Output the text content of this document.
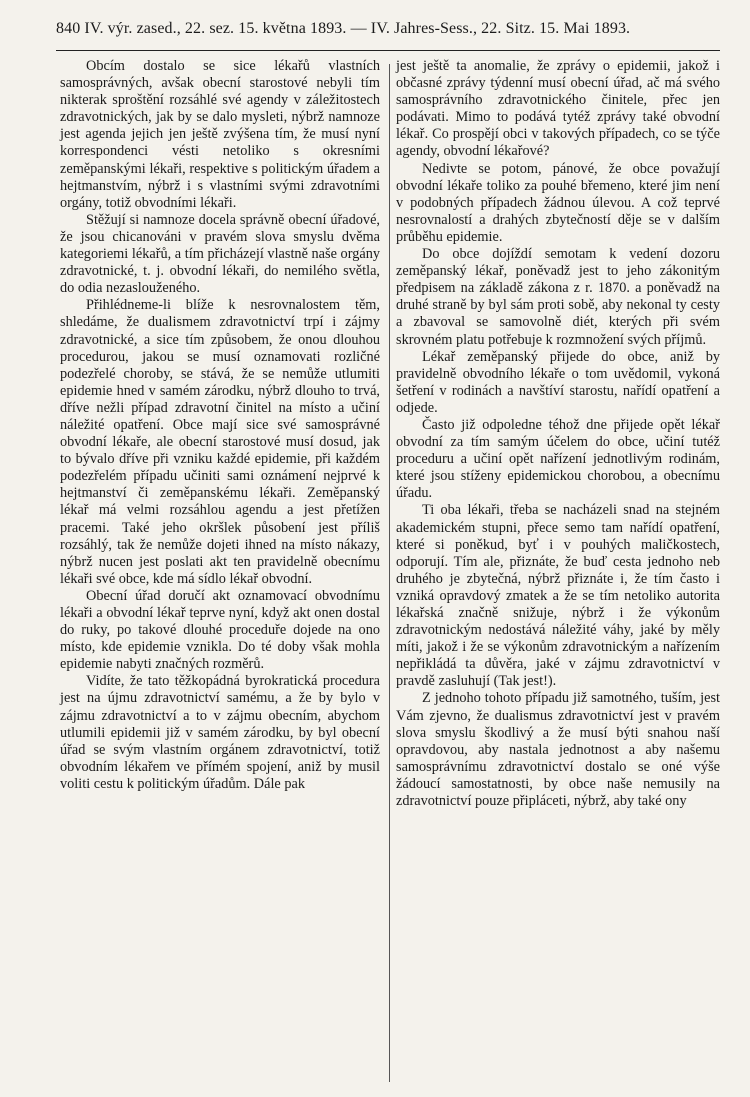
840 IV. výr. zased., 22. sez. 15. května 1893. — IV. Jahres-Sess., 22. Sitz. 15. Mai 1893.

Obcím dostalo se sice lékařů vlastních samosprávných, avšak obecní starostové nebyli tím nikterak sproštění rozsáhlé své agendy v záležitostech zdravotnických, jak by se dalo mysleti, nýbrž namnoze jest agenda jejich jen ještě zvýšena tím, že musí nyní korrespondenci vésti netoliko s okresními zeměpanskými lékaři, respektive s politickým úřadem a hejtmanstvím, nýbrž i s vlastními svými zdravotními orgány, totiž obvodními lékaři.

Stěžují si namnoze docela správně obecní úřadové, že jsou chicanováni v pravém slova smyslu dvěma kategoriemi lékařů, a tím přicházejí vlastně naše orgány zdravotnické, t. j. obvodní lékaři, do nemilého světla, do odia nezaslouženého.

Přihlédneme-li blíže k nesrovnalostem těm, shledáme, že dualismem zdravotnictví trpí i zájmy zdravotnické, a sice tím způsobem, že onou dlouhou procedurou, jakou se musí oznamovati rozličné podezřelé choroby, se stává, že se nemůže utlumiti epidemie hned v samém zárodku, nýbrž dlouho to trvá, dříve nežli případ zdravotní činitel na místo a učiní náležité opatření. Obce mají sice své samosprávné obvodní lékaře, ale obecní starostové musí dosud, jak to bývalo dříve při vzniku každé epidemie, při každém podezřelém případu učiniti sami oznámení nejprvé k hejtmanství či zeměpanskému lékaři. Zeměpanský lékař má velmi rozsáhlou agendu a jest přetížen pracemi. Také jeho okršlek působení jest příliš rozsáhlý, tak že nemůže dojeti ihned na místo nákazy, nýbrž nucen jest poslati akt ten pravidelně obecnímu lékaři své obce, kde má sídlo lékař obvodní.

Obecní úřad doručí akt oznamovací obvodnímu lékaři a obvodní lékař teprve nyní, když akt onen dostal do ruky, po takové dlouhé proceduře dojede na ono místo, kde epidemie vznikla. Do té doby však mohla epidemie nabyti značných rozměrů.

Vidíte, že tato těžkopádná byrokratická procedura jest na újmu zdravotnictví samému, a že by bylo v zájmu zdravotnictví a to v zájmu obecním, abychom utlumili epidemii již v samém zárodku, by byl obecní úřad se svým vlastním orgánem zdravotnictví, totiž obvodním lékařem ve přímém spojení, aniž by musil voliti cestu k politickým úřadům. Dále pak

jest ještě ta anomalie, že zprávy o epidemii, jakož i občasné zprávy týdenní musí obecní úřad, ač má svého samosprávního zdravotnického činitele, přec jen podávati. Mimo to podává tytéž zprávy také obvodní lékař. Co prospějí obci v takových případech, co se týče agendy, obvodní lékařové?

Nedivte se potom, pánové, že obce považují obvodní lékaře toliko za pouhé břemeno, které jim není v podobných případech žádnou úlevou. A což teprvé nesrovnalostí a drahých zbytečností děje se v dalším průběhu epidemie.

Do obce dojíždí semotam k vedení dozoru zeměpanský lékař, poněvadž jest to jeho zákonitým předpisem na základě zákona z r. 1870. a poněvadž na druhé straně by byl sám proti sobě, aby nekonal ty cesty a zbavoval se samovolně diét, kterých při svém skrovném platu potřebuje k rozmnožení svých příjmů.

Lékař zeměpanský přijede do obce, aniž by pravidelně obvodního lékaře o tom uvědomil, vykoná šetření v rodinách a navštíví starostu, nařídí opatření a odjede.

Často již odpoledne téhož dne přijede opět lékař obvodní za tím samým účelem do obce, učiní tutéž proceduru a učiní opět nařízení jednotlivým rodinám, které jsou stíženy epidemickou chorobou, a obecnímu úřadu.

Ti oba lékaři, třeba se nacházeli snad na stejném akademickém stupni, přece semo tam nařídí opatření, které si poněkud, byť i v pouhých maličkostech, odporují. Tím ale, přiznáte, že buď cesta jednoho neb druhého je zbytečná, nýbrž přiznáte i, že tím často i vzniká opravdový zmatek a že se tím netoliko autorita lékařská značně snižuje, nýbrž i že výkonům zdravotnickým nedostává náležité váhy, jaké by měly míti, jakož i že se výkonům zdravotnickým a nařízením nepřikládá ta důvěra, jaké v zájmu zdravotnictví v pravdě zasluhují (Tak jest!).

Z jednoho tohoto případu již samotného, tuším, jest Vám zjevno, že dualismus zdravotnictví jest v pravém slova smyslu škodlivý a že musí býti snahou naší opravdovou, aby nastala jednotnost a aby našemu samosprávnímu zdravotnictví dostalo se oné výše žádoucí samostatnosti, by obce naše nemusily na zdravotnictví pouze připláceti, nýbrž, aby také ony
